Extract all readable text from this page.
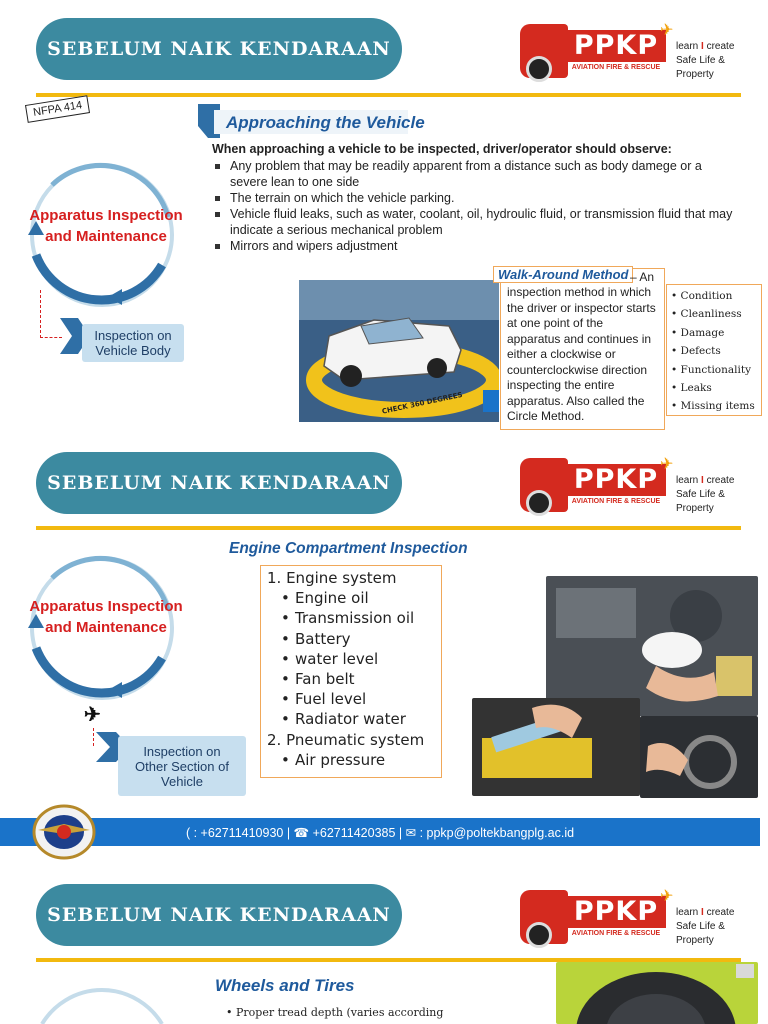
SEBELUM NAIK KENDARAAN	PPKP
AVIATION FIRE & RESCUE
✈
learn I create
Safe Life & Property
NFPA 414
Apparatus Inspection
and Maintenance
Inspection on
Vehicle Body
Approaching the Vehicle
When approaching a vehicle to be inspected, driver/operator should observe:
Any problem that may be readily apparent from a distance such as body damege or a severe lean to one side
The terrain on which the vehicle parking.
Vehicle fluid leaks, such as water, coolant, oil, hydroulic fluid, or transmission fluid that may indicate a serious mechanical problem
Mirrors and wipers adjustment
CHECK 360 DEGREES
inspection method in which the driver or inspector starts at one point of the apparatus and continues in either a clockwise or counterclockwise direction inspecting the entire apparatus. Also called the Circle Method.
Walk-Around Method – An
• Condition
• Cleanliness
• Damage
• Defects
• Functionality
• Leaks
• Missing items
SEBELUM NAIK KENDARAAN	PPKP
AVIATION FIRE & RESCUE
✈
learn I create
Safe Life & Property
Apparatus Inspection
and Maintenance
✈
Inspection on
Other Section of
Vehicle
Engine Compartment Inspection
1. Engine system
• Engine oil
• Transmission oil
• Battery
• water level
• Fan belt
• Fuel level
• Radiator water
2. Pneumatic system
• Air pressure
( : +62711410930 | ☎ +62711420385 | ✉ : ppkp@poltekbangplg.ac.id
SEBELUM NAIK KENDARAAN	PPKP
AVIATION FIRE & RESCUE
✈
learn I create
Safe Life & Property
Wheels and Tires
• Proper tread depth (varies according
